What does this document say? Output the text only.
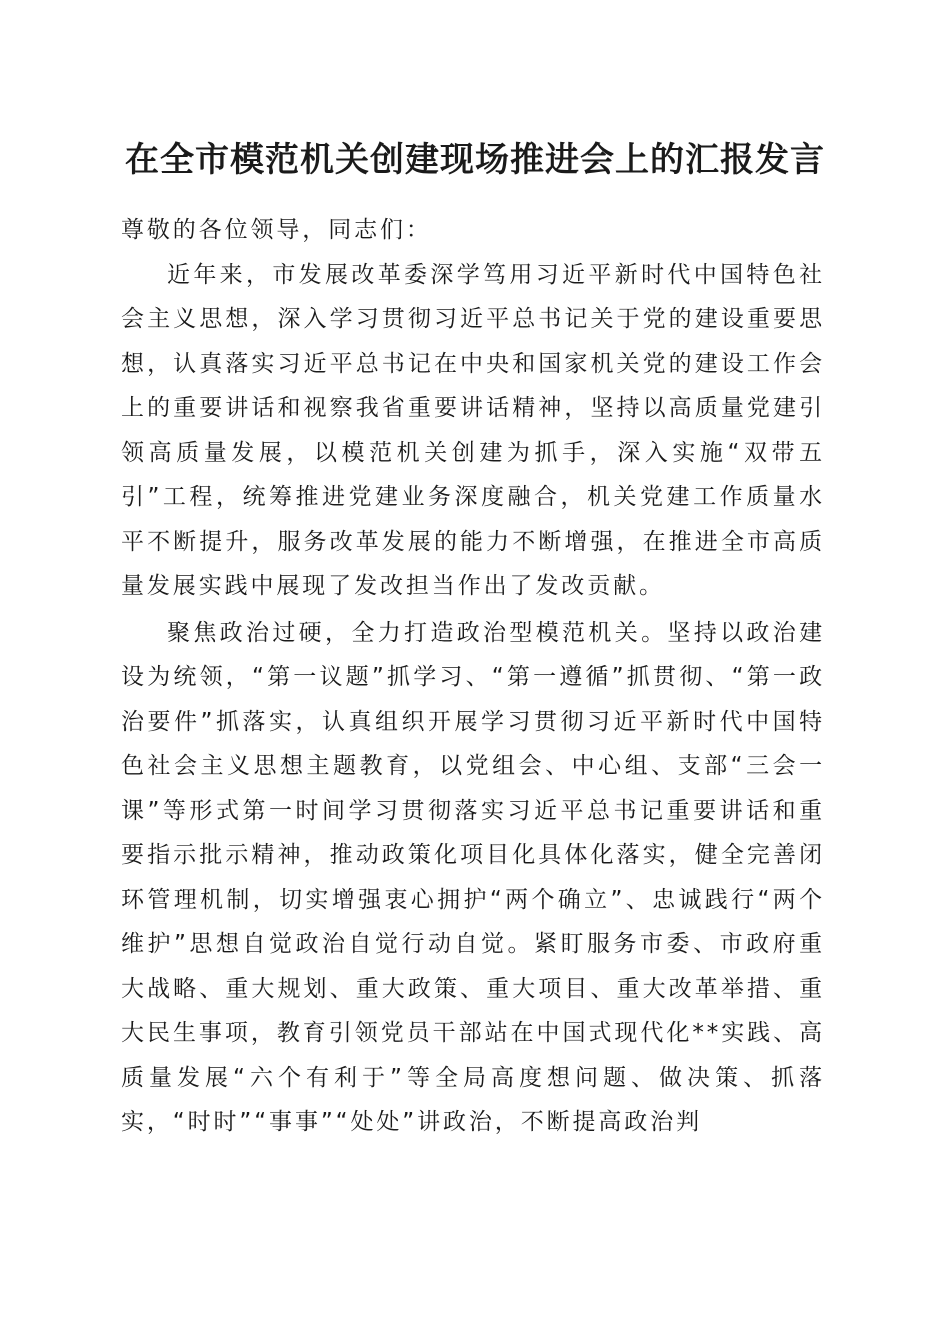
在全市模范机关创建现场推进会上的汇报发言

尊敬的各位领导，同志们：

近年来，市发展改革委深学笃用习近平新时代中国特色社会主义思想，深入学习贯彻习近平总书记关于党的建设重要思想，认真落实习近平总书记在中央和国家机关党的建设工作会上的重要讲话和视察我省重要讲话精神，坚持以高质量党建引领高质量发展，以模范机关创建为抓手，深入实施“双带五引”工程，统筹推进党建业务深度融合，机关党建工作质量水平不断提升，服务改革发展的能力不断增强，在推进全市高质量发展实践中展现了发改担当作出了发改贡献。

聚焦政治过硬，全力打造政治型模范机关。坚持以政治建设为统领，“第一议题”抓学习、“第一遵循”抓贯彻、“第一政治要件”抓落实，认真组织开展学习贯彻习近平新时代中国特色社会主义思想主题教育，以党组会、中心组、支部“三会一课”等形式第一时间学习贯彻落实习近平总书记重要讲话和重要指示批示精神，推动政策化项目化具体化落实，健全完善闭环管理机制，切实增强衷心拥护“两个确立”、忠诚践行“两个维护”思想自觉政治自觉行动自觉。紧盯服务市委、市政府重大战略、重大规划、重大政策、重大项目、重大改革举措、重大民生事项，教育引领党员干部站在中国式现代化**实践、高质量发展“六个有利于”等全局高度想问题、做决策、抓落实，“时时”“事事”“处处”讲政治，不断提高政治判
